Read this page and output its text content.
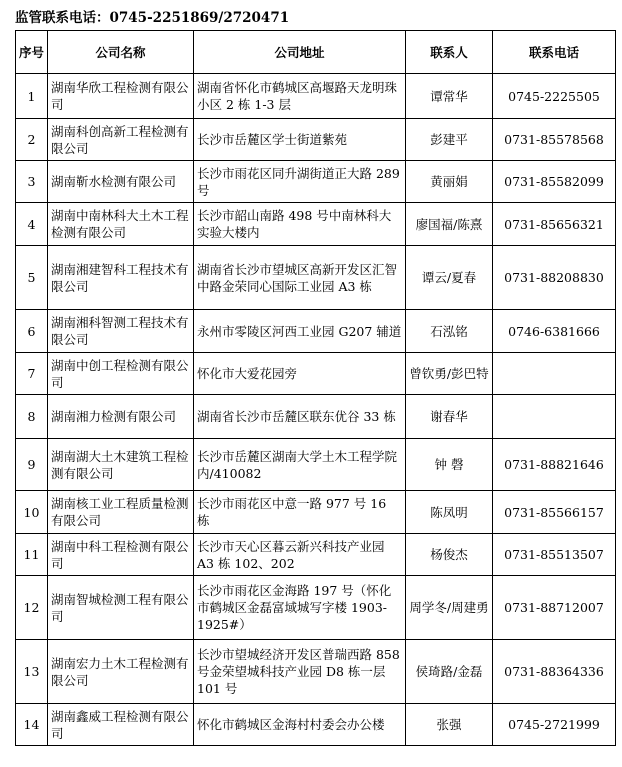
监管联系电话：0745-2251869/2720471
序号	公司名称	公司地址	联系人	联系电话
1	湖南华欣工程检测有限公司	湖南省怀化市鹤城区高堰路天龙明珠小区 2 栋 1-3 层	谭常华	0745-2225505
2	湖南科创高新工程检测有限公司	长沙市岳麓区学士街道紫苑	彭建平	0731-85578568
3	湖南靳水检测有限公司	长沙市雨花区同升湖街道正大路 289 号	黄丽娟	0731-85582099
4	湖南中南林科大土木工程检测有限公司	长沙市韶山南路 498 号中南林科大实验大楼内	廖国福/陈熹	0731-85656321
5	湖南湘建智科工程技术有限公司	湖南省长沙市望城区高新开发区汇智中路金荣同心国际工业园 A3 栋	谭云/夏春	0731-88208830
6	湖南湘科智测工程技术有限公司	永州市零陵区河西工业园 G207 辅道	石泓铭	0746-6381666
7	湖南中创工程检测有限公司	怀化市大爱花园旁	曾钦勇/彭巴特	
8	湖南湘力检测有限公司	湖南省长沙市岳麓区联东优谷 33 栋	谢春华	
9	湖南湖大土木建筑工程检测有限公司	长沙市岳麓区湖南大学土木工程学院内/410082	钟 磬	0731-88821646
10	湖南核工业工程质量检测有限公司	长沙市雨花区中意一路 977 号 16 栋	陈凤明	0731-85566157
11	湖南中科工程检测有限公司	长沙市天心区暮云新兴科技产业园 A3 栋 102、202	杨俊杰	0731-85513507
12	湖南智城检测工程有限公司	长沙市雨花区金海路 197 号（怀化市鹤城区金磊富域城写字楼 1903-1925#）	周学冬/周建勇	0731-88712007
13	湖南宏力土木工程检测有限公司	长沙市望城经济开发区普瑞西路 858 号金荣望城科技产业园 D8 栋一层 101 号	侯琦路/金磊	0731-88364336
14	湖南鑫威工程检测有限公司	怀化市鹤城区金海村村委会办公楼	张强	0745-2721999
